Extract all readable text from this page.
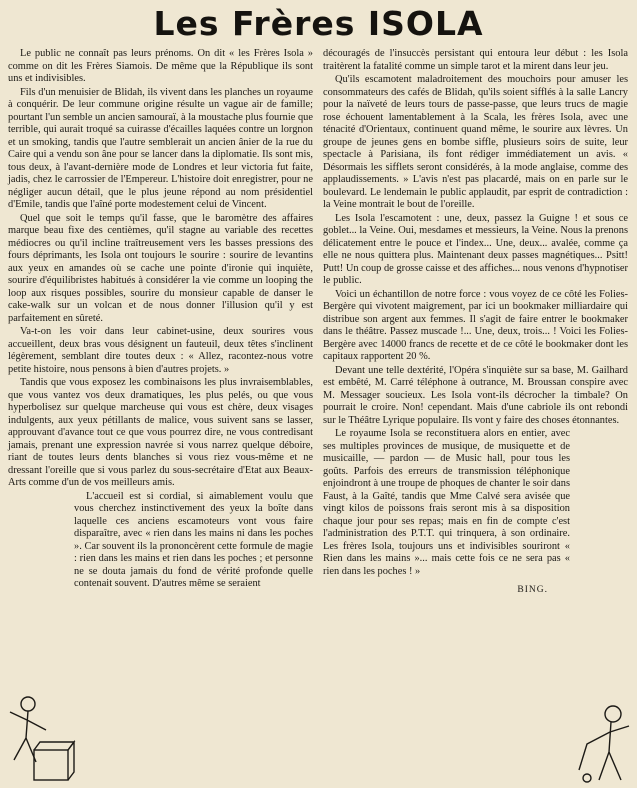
Les Frères ISOLA

Le public ne connaît pas leurs prénoms. On dit « les Frères Isola » comme on dit les Frères Siamois. De même que la République ils sont uns et indivisibles.

Fils d'un menuisier de Blidah, ils vivent dans les planches un royaume à conquérir. De leur commune origine résulte un vague air de famille; pourtant l'un semble un ancien samouraï, à la moustache plus fournie que terrible, qui aurait troqué sa cuirasse d'écailles laquées contre un lorgnon et un smoking, tandis que l'autre semblerait un ancien ânier de la rue du Caire qui a vendu son âne pour se lancer dans la diplomatie. Ils sont mis, tous deux, à l'avant-dernière mode de Londres et leur victoria fut faite, jadis, chez le carrossier de l'Empereur. L'histoire doit enregistrer, pour ne négliger aucun détail, que le plus jeune répond au nom présidentiel d'Emile, tandis que l'aîné porte modestement celui de Vincent.

Quel que soit le temps qu'il fasse, que le baromètre des affaires marque beau fixe des centièmes, qu'il stagne au variable des recettes médiocres ou qu'il incline traîtreusement vers les basses pressions des fours déprimants, les Isola ont toujours le sourire : sourire de levantins aux yeux en amandes où se cache une pointe d'ironie qui inquiète, sourire d'équilibristes habitués à considérer la vie comme un looping the loop aux risques possibles, sourire du monsieur capable de danser le cake-walk sur un volcan et de nous donner l'illusion qu'il y est parfaitement en sûreté.

Va-t-on les voir dans leur cabinet-usine, deux sourires vous accueillent, deux bras vous désignent un fauteuil, deux têtes s'inclinent légèrement, semblant dire toutes deux : « Allez, racontez-nous votre petite histoire, nous pensons à bien d'autres projets. »

Tandis que vous exposez les combinaisons les plus invraisemblables, que vous vantez vos deux dramatiques, les plus pelés, ou que vous hyperbolisez sur quelque marcheuse qui vous est chère, deux visages indulgents, aux yeux pétillants de malice, vous suivent sans se lasser, approuvant d'avance tout ce que vous pourrez dire, ne vous contredisant jamais, prenant une expression navrée si vous narrez quelque déboire, riant de toutes leurs dents blanches si vous riez vous-même et ne dressant l'oreille que si vous parlez du sous-secrétaire d'Etat aux Beaux-Arts comme d'un de vos meilleurs amis.

L'accueil est si cordial, si aimablement voulu que vous cherchez instinctivement des yeux la boîte dans laquelle ces anciens escamoteurs vont vous faire disparaître, avec « rien dans les mains ni dans les poches ». Car souvent ils la prononcèrent cette formule de magie : rien dans les mains et rien dans les poches ; et personne ne se douta jamais du fond de vérité profonde quelle contenait souvent. D'autres même se seraient

découragés de l'insuccès persistant qui entoura leur début : les Isola traitèrent la fatalité comme un simple tarot et la mirent dans leur jeu.

Qu'ils escamotent maladroitement des mouchoirs pour amuser les consommateurs des cafés de Blidah, qu'ils soient sifflés à la salle Lancry pour la naïveté de leurs tours de passe-passe, que leurs trucs de magie rose échouent lamentablement à la Scala, les frères Isola, avec une ténacité d'Orientaux, continuent quand même, le sourire aux lèvres. Un groupe de jeunes gens en bombe siffle, plusieurs soirs de suite, leur spectacle à Parisiana, ils font rédiger immédiatement un avis. « Désormais les sifflets seront considérés, à la mode anglaise, comme des applaudissements. » L'avis n'est pas placardé, mais on en parle sur le boulevard. Le lendemain le public applaudit, par esprit de contradiction : la Veine montrait le bout de l'oreille.

Les Isola l'escamotent : une, deux, passez la Guigne ! et sous ce goblet... la Veine. Oui, mesdames et messieurs, la Veine. Nous la prenons délicatement entre le pouce et l'index... Une, deux... avalée, comme ça elle ne nous quittera plus. Maintenant deux passes magnétiques... Psitt! Putt! Un coup de grosse caisse et des affiches... nous venons d'hypnotiser le public.

Voici un échantillon de notre force : vous voyez de ce côté les Folies-Bergère qui vivotent maigrement, par ici un bookmaker milliardaire qui distribue son argent aux femmes. Il s'agit de faire entrer le bookmaker dans le théâtre. Passez muscade !... Une, deux, trois... ! Voici les Folies-Bergère avec 14000 francs de recette et de ce côté le bookmaker dont les capitaux rapportent 20 %.

Devant une telle dextérité, l'Opéra s'inquiète sur sa base, M. Gailhard est embêté, M. Carré téléphone à outrance, M. Broussan conspire avec M. Messager soucieux. Les Isola vont-ils décrocher la timbale? On pourrait le croire. Non! cependant. Mais d'une cabriole ils ont rebondi sur le Théâtre Lyrique populaire. Ils vont y faire des choses étonnantes.

Le royaume Isola se reconstituera alors en entier, avec ses multiples provinces de musique, de musiquette et de musicaille, — pardon — de Music hall, pour tous les goûts. Parfois des erreurs de transmission téléphonique enjoindront à une troupe de phoques de chanter le soir dans Faust, à la Gaîté, tandis que Mme Calvé sera avisée que vingt kilos de poissons frais seront mis à sa disposition chaque jour pour ses repas; mais en fin de compte c'est l'administration des P.T.T. qui trinquera, à son ordinaire. Les frères Isola, toujours uns et indivisibles souriront « Rien dans les mains »... mais cette fois ce ne sera pas « rien dans les poches ! »

BING.
